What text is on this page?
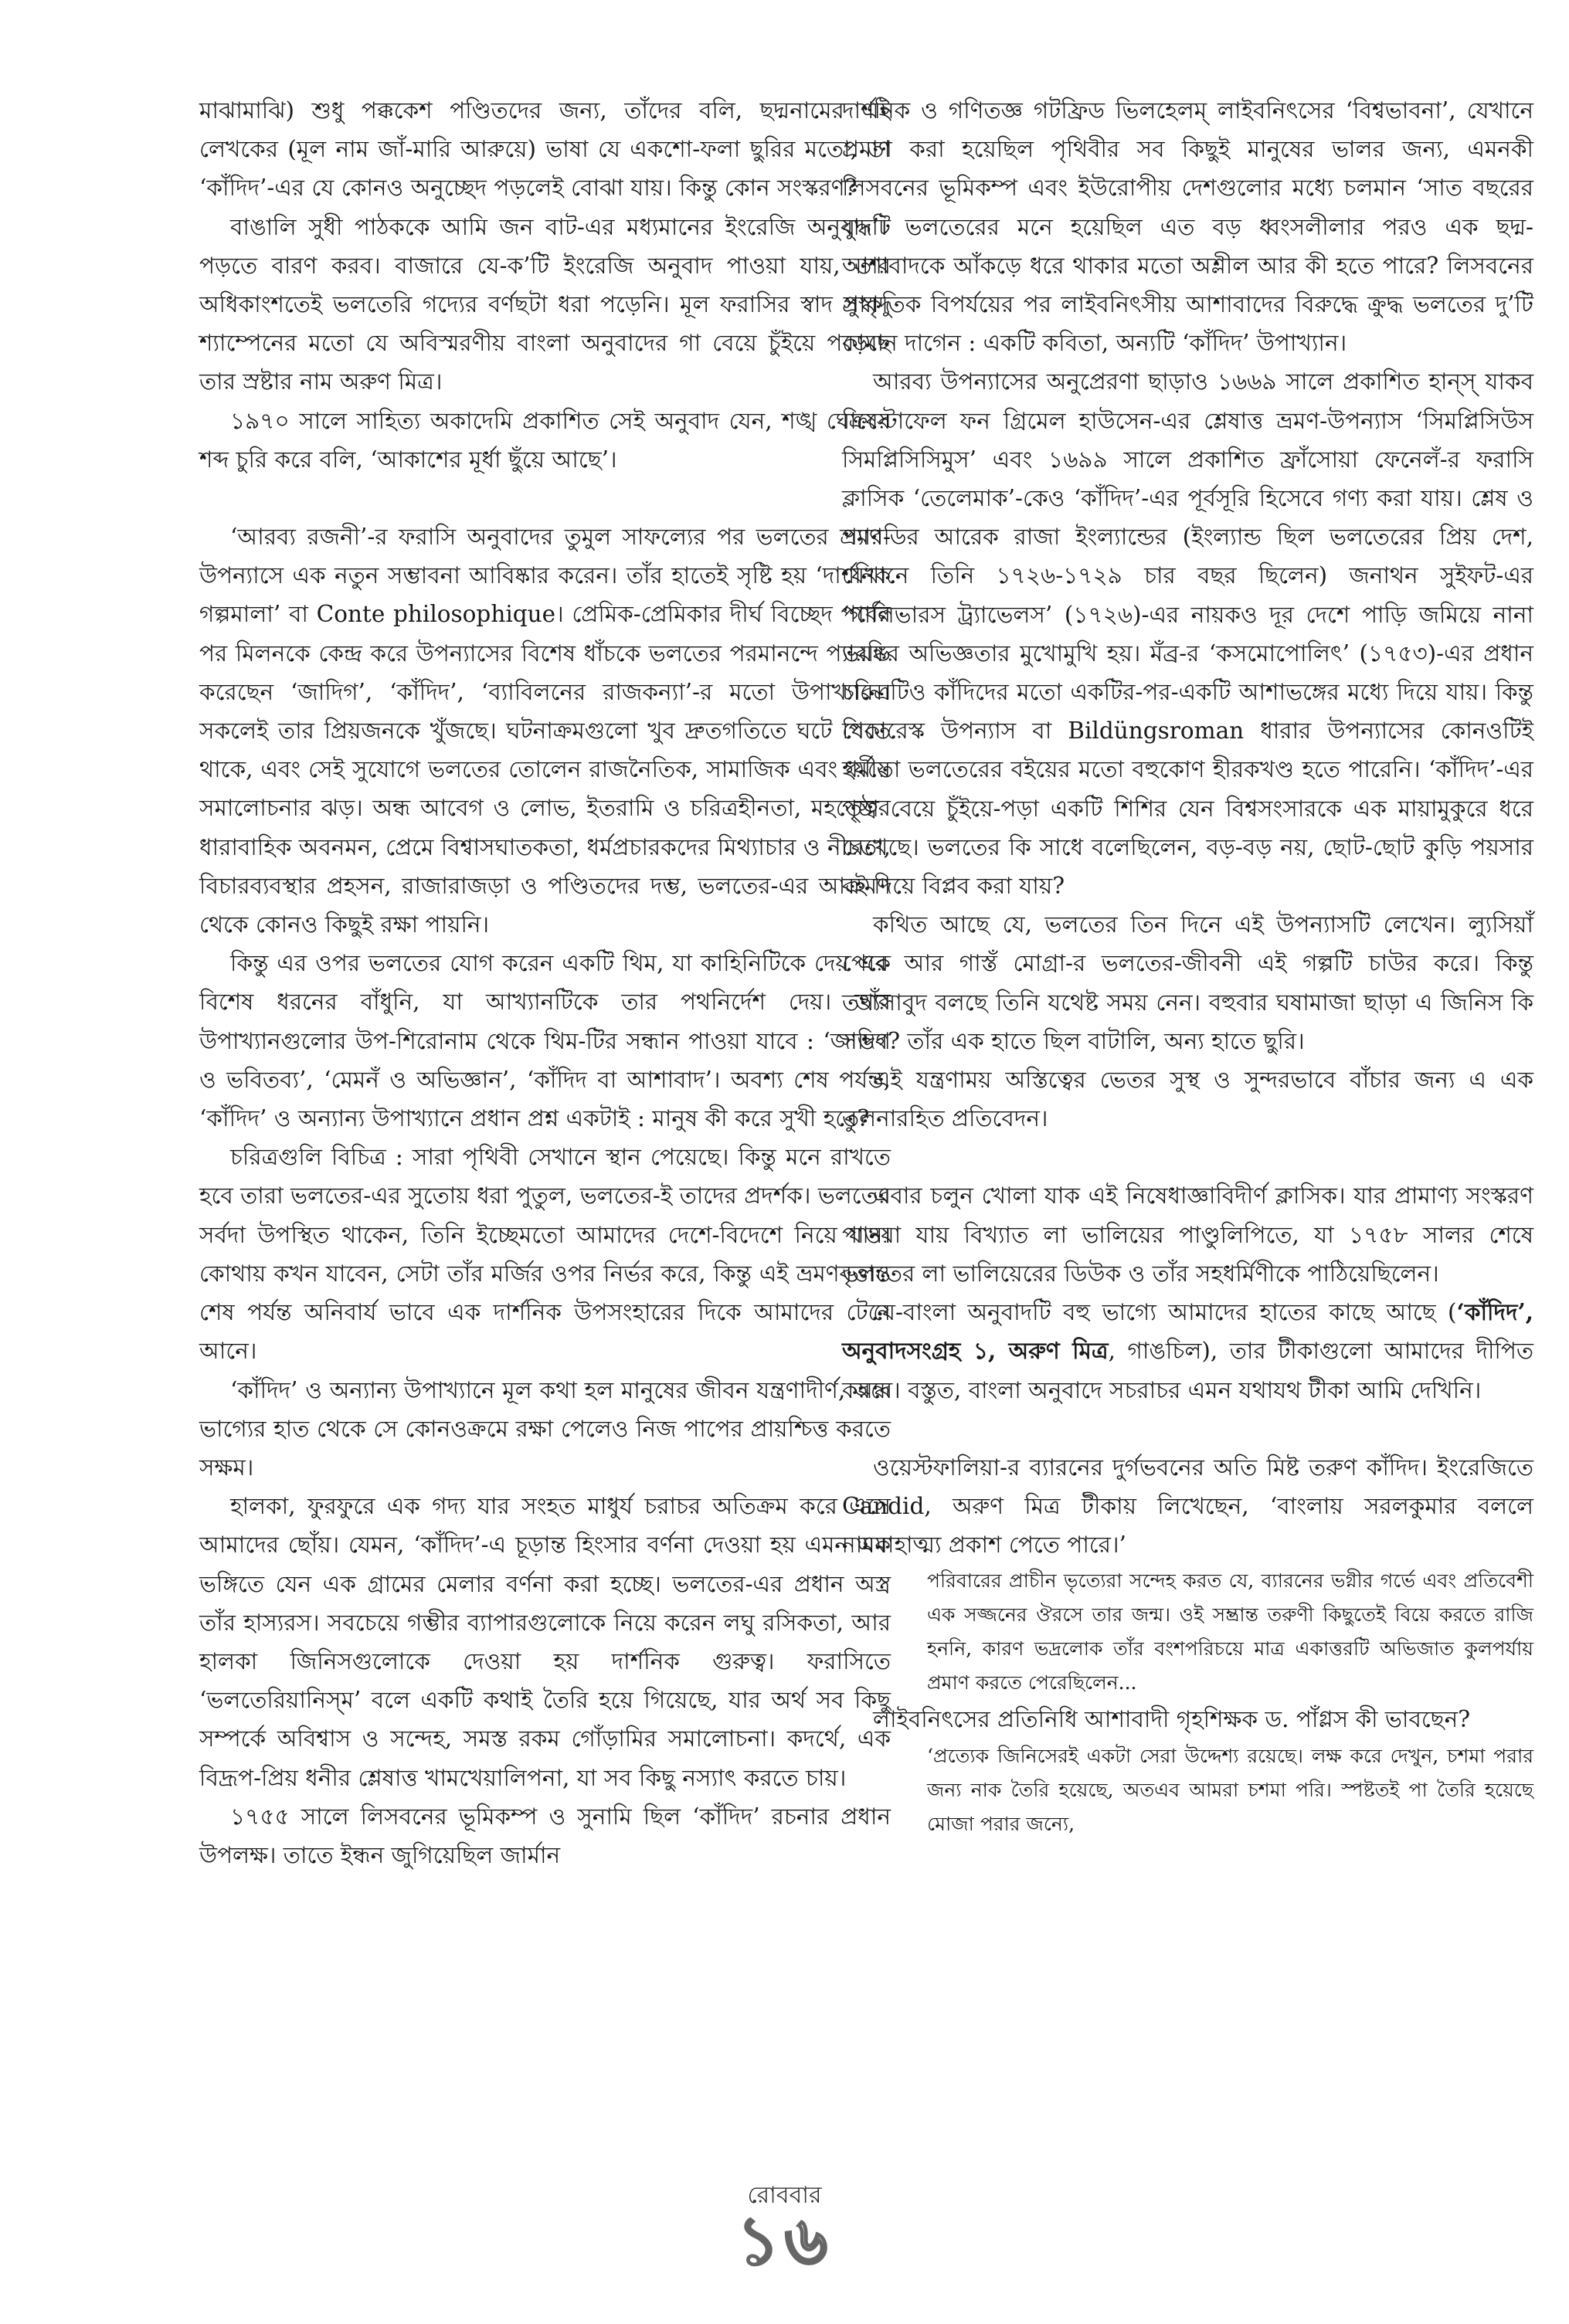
মাঝামাঝি) শুধু পক্ককেশ পণ্ডিতদের জন্য, তাঁদের বলি, ছদ্মনামের এই লেখকের (মূল নাম জাঁ-মারি আরুয়ে) ভাষা যে একশো-ফলা ছুরির মতো, তা ‘কাঁদিদ’-এর যে কোনও অনুচ্ছেদ পড়লেই বোঝা যায়। কিন্তু কোন সংস্করণ?

বাঙালি সুধী পাঠককে আমি জন বাট-এর মধ্যমানের ইংরেজি অনুবাদটি পড়তে বারণ করব। বাজারে যে-ক’টি ইংরেজি অনুবাদ পাওয়া যায়, তার অধিকাংশতেই ভলতেরি গদ্যের বর্ণছটা ধরা পড়েনি। মূল ফরাসির স্বাদ সুস্বাদু শ্যাম্পেনের মতো যে অবিস্মরণীয় বাংলা অনুবাদের গা বেয়ে চুঁইয়ে পড়েছে তার স্রষ্টার নাম অরুণ মিত্র।

১৯৭০ সালে সাহিত্য অকাদেমি প্রকাশিত সেই অনুবাদ যেন, শঙ্খ ঘোষের শব্দ চুরি করে বলি, ‘আকাশের মূর্ধা ছুঁয়ে আছে’।

‘আরব্য রজনী’-র ফরাসি অনুবাদের তুমুল সাফল্যের পর ভলতের ভ্রমণ-উপন্যাসে এক নতুন সম্ভাবনা আবিষ্কার করেন। তাঁর হাতেই সৃষ্টি হয় ‘দার্শনিক গল্পমালা’ বা Conte philosophique। প্রেমিক-প্রেমিকার দীর্ঘ বিচ্ছেদ পর্বের পর মিলনকে কেন্দ্র করে উপন্যাসের বিশেষ ধাঁচকে ভলতের পরমানন্দে প্যারডি করেছেন ‘জাদিগ’, ‘কাঁদিদ’, ‘ব্যাবিলনের রাজকন্যা’-র মতো উপাখ্যানে। সকলেই তার প্রিয়জনকে খুঁজছে। ঘটনাক্রমগুলো খুব দ্রুতগতিতে ঘটে যেতে থাকে, এবং সেই সুযোগে ভলতের তোলেন রাজনৈতিক, সামাজিক এবং ধর্মীয় সমালোচনার ঝড়। অন্ধ আবেগ ও লোভ, ইতরামি ও চরিত্রহীনতা, মহত্ত্বের ধারাবাহিক অবনমন, প্রেমে বিশ্বাসঘাতকতা, ধর্মপ্রচারকদের মিথ্যাচার ও নীচতা, বিচারব্যবস্থার প্রহসন, রাজারাজড়া ও পণ্ডিতদের দম্ভ, ভলতের-এর আক্রমণ থেকে কোনও কিছুই রক্ষা পায়নি।

কিন্তু এর ওপর ভলতের যোগ করেন একটি থিম, যা কাহিনিটিকে দেয় এক বিশেষ ধরনের বাঁধুনি, যা আখ্যানটিকে তার পথনির্দেশ দেয়। তাঁর উপাখ্যানগুলোর উপ-শিরোনাম থেকে থিম-টির সন্ধান পাওয়া যাবে : ‘জাদিগ ও ভবিতব্য’, ‘মেমনঁ ও অভিজ্ঞান’, ‘কাঁদিদ বা আশাবাদ’। অবশ্য শেষ পর্যন্ত, ‘কাঁদিদ’ ও অন্যান্য উপাখ্যানে প্রধান প্রশ্ন একটাই : মানুষ কী করে সুখী হবে?

চরিত্রগুলি বিচিত্র : সারা পৃথিবী সেখানে স্থান পেয়েছে। কিন্তু মনে রাখতে হবে তারা ভলতের-এর সুতোয় ধরা পুতুল, ভলতের-ই তাদের প্রদর্শক। ভলতের সর্বদা উপস্থিত থাকেন, তিনি ইচ্ছেমতো আমাদের দেশে-বিদেশে নিয়ে যান। কোথায় কখন যাবেন, সেটা তাঁর মর্জির ওপর নির্ভর করে, কিন্তু এই ভ্রমণবৃত্তান্ত শেষ পর্যন্ত অনিবার্য ভাবে এক দার্শনিক উপসংহারের দিকে আমাদের টেনে আনে।

‘কাঁদিদ’ ও অন্যান্য উপাখ্যানে মূল কথা হল মানুষের জীবন যন্ত্রণাদীর্ণ, অন্ধ ভাগ্যের হাত থেকে সে কোনওক্রমে রক্ষা পেলেও নিজ পাপের প্রায়শ্চিত্ত করতে সক্ষম।

হালকা, ফুরফুরে এক গদ্য যার সংহত মাধুর্য চরাচর অতিক্রম করে এসে আমাদের ছোঁয়। যেমন, ‘কাঁদিদ’-এ চূড়ান্ত হিংসার বর্ণনা দেওয়া হয় এমন এক ভঙ্গিতে যেন এক গ্রামের মেলার বর্ণনা করা হচ্ছে। ভলতের-এর প্রধান অস্ত্র তাঁর হাস্যরস। সবচেয়ে গম্ভীর ব্যাপারগুলোকে নিয়ে করেন লঘু রসিকতা, আর হালকা জিনিসগুলোকে দেওয়া হয় দার্শনিক গুরুত্ব। ফরাসিতে ‘ভলতেরিয়ানিস্‌ম’ বলে একটি কথাই তৈরি হয়ে গিয়েছে, যার অর্থ সব কিছু সম্পর্কে অবিশ্বাস ও সন্দেহ, সমস্ত রকম গোঁড়ামির সমালোচনা। কদর্থে, এক বিদ্রূপ-প্রিয় ধনীর শ্লেষাত্ত খামখেয়ালিপনা, যা সব কিছু নস্যাৎ করতে চায়।

১৭৫৫ সালে লিসবনের ভূমিকম্প ও সুনামি ছিল ‘কাঁদিদ’ রচনার প্রধান উপলক্ষ। তাতে ইন্ধন জুগিয়েছিল জার্মান

দার্শনিক ও গণিতজ্ঞ গটফ্রিড ভিলহেলম্‌ লাইবনিৎসের ‘বিশ্বভাবনা’, যেখানে প্রমাণ করা হয়েছিল পৃথিবীর সব কিছুই মানুষের ভালর জন্য, এমনকী লিসবনের ভূমিকম্প এবং ইউরোপীয় দেশগুলোর মধ্যে চলমান ‘সাত বছরের যুদ্ধ’। ভলতেরের মনে হয়েছিল এত বড় ধ্বংসলীলার পরও এক ছদ্ম-আশাবাদকে আঁকড়ে ধরে থাকার মতো অশ্লীল আর কী হতে পারে? লিসবনের প্রাকৃতিক বিপর্যয়ের পর লাইবনিৎসীয় আশাবাদের বিরুদ্ধে ক্রুদ্ধ ভলতের দু’টি কামান দাগেন : একটি কবিতা, অন্যটি ‘কাঁদিদ’ উপাখ্যান।

আরব্য উপন্যাসের অনুপ্রেরণা ছাড়াও ১৬৬৯ সালে প্রকাশিত হান্‌স্‌ যাকব ক্রিস্টোফেল ফন গ্রিমেল হাউসেন-এর শ্লেষাত্ত ভ্রমণ-উপন্যাস ‘সিমপ্লিসিউস সিমপ্লিসিসিমুস’ এবং ১৬৯৯ সালে প্রকাশিত ফ্রাঁসোয়া ফেনেলঁ-র ফরাসি ক্লাসিক ‘তেলেমাক’-কেও ‘কাঁদিদ’-এর পূর্বসূরি হিসেবে গণ্য করা যায়। শ্লেষ ও প্যারডির আরেক রাজা ইংল্যান্ডের (ইংল্যান্ড ছিল ভলতেরের প্রিয় দেশ, যেখানে তিনি ১৭২৬-১৭২৯ চার বছর ছিলেন) জনাথন সুইফট-এর ‘গালিভারস ট্র্যাভেলস’ (১৭২৬)-এর নায়কও দূর দেশে পাড়ি জমিয়ে নানা ভয়ঙ্কর অভিজ্ঞতার মুখোমুখি হয়। মঁব্র-র ‘কসমোপোলিৎ’ (১৭৫৩)-এর প্রধান চরিত্রটিও কাঁদিদের মতো একটির-পর-একটি আশাভঙ্গের মধ্যে দিয়ে যায়। কিন্তু পিকারেস্ক উপন্যাস বা Bildüngsroman ধারার উপন্যাসের কোনওটিই হয়তো ভলতেরের বইয়ের মতো বহুকোণ হীরকখণ্ড হতে পারেনি। ‘কাঁদিদ’-এর পৃষ্ঠা বেয়ে চুঁইয়ে-পড়া একটি শিশির যেন বিশ্বসংসারকে এক মায়ামুকুরে ধরে রেখেছে। ভলতের কি সাধে বলেছিলেন, বড়-বড় নয়, ছোট-ছোট কুড়ি পয়সার বই দিয়ে বিপ্লব করা যায়?

কথিত আছে যে, ভলতের তিন দিনে এই উপন্যাসটি লেখেন। ল্যুসিয়াঁ পেরে আর গাস্তঁ মোগ্রা-র ভলতের-জীবনী এই গল্পটি চাউর করে। কিন্তু তথ্যসাবুদ বলছে তিনি যথেষ্ট সময় নেন। বহুবার ঘষামাজা ছাড়া এ জিনিস কি সম্ভব? তাঁর এক হাতে ছিল বাটালি, অন্য হাতে ছুরি।

এই যন্ত্রণাময় অস্তিত্বের ভেতর সুস্থ ও সুন্দরভাবে বাঁচার জন্য এ এক তুলনারহিত প্রতিবেদন।

এবার চলুন খোলা যাক এই নিষেধাজ্ঞাবিদীর্ণ ক্লাসিক। যার প্রামাণ্য সংস্করণ পাওয়া যায় বিখ্যাত লা ভালিয়ের পাণ্ডুলিপিতে, যা ১৭৫৮ সালর শেষে ভলতের লা ভালিয়েরের ডিউক ও তাঁর সহধর্মিণীকে পাঠিয়েছিলেন।

যে-বাংলা অনুবাদটি বহু ভাগ্যে আমাদের হাতের কাছে আছে (‘কাঁদিদ’, অনুবাদসংগ্রহ ১, অরুণ মিত্র, গাঙচিল), তার টীকাগুলো আমাদের দীপিত করবে। বস্তুত, বাংলা অনুবাদে সচরাচর এমন যথাযথ টীকা আমি দেখিনি।

ওয়েস্টফালিয়া-র ব্যারনের দুর্গভবনের অতি মিষ্ট তরুণ কাঁদিদ। ইংরেজিতে Candid, অরুণ মিত্র টীকায় লিখেছেন, ‘বাংলায় সরলকুমার বললে নামমাহাত্ম্য প্রকাশ পেতে পারে।’

পরিবারের প্রাচীন ভৃত্যেরা সন্দেহ করত যে, ব্যারনের ভগ্নীর গর্ভে এবং প্রতিবেশী এক সজ্জনের ঔরসে তার জন্ম। ওই সম্ভ্রান্ত তরুণী কিছুতেই বিয়ে করতে রাজি হননি, কারণ ভদ্রলোক তাঁর বংশপরিচয়ে মাত্র একাত্তরটি অভিজাত কুলপর্যায় প্রমাণ করতে পেরেছিলেন...

লাইবনিৎসের প্রতিনিধি আশাবাদী গৃহশিক্ষক ড. পাঁগ্লস কী ভাবছেন?

‘প্রত্যেক জিনিসেরই একটা সেরা উদ্দেশ্য রয়েছে। লক্ষ করে দেখুন, চশমা পরার জন্য নাক তৈরি হয়েছে, অতএব আমরা চশমা পরি। স্পষ্টতই পা তৈরি হয়েছে মোজা পরার জন্যে,

রোববার
১৬
